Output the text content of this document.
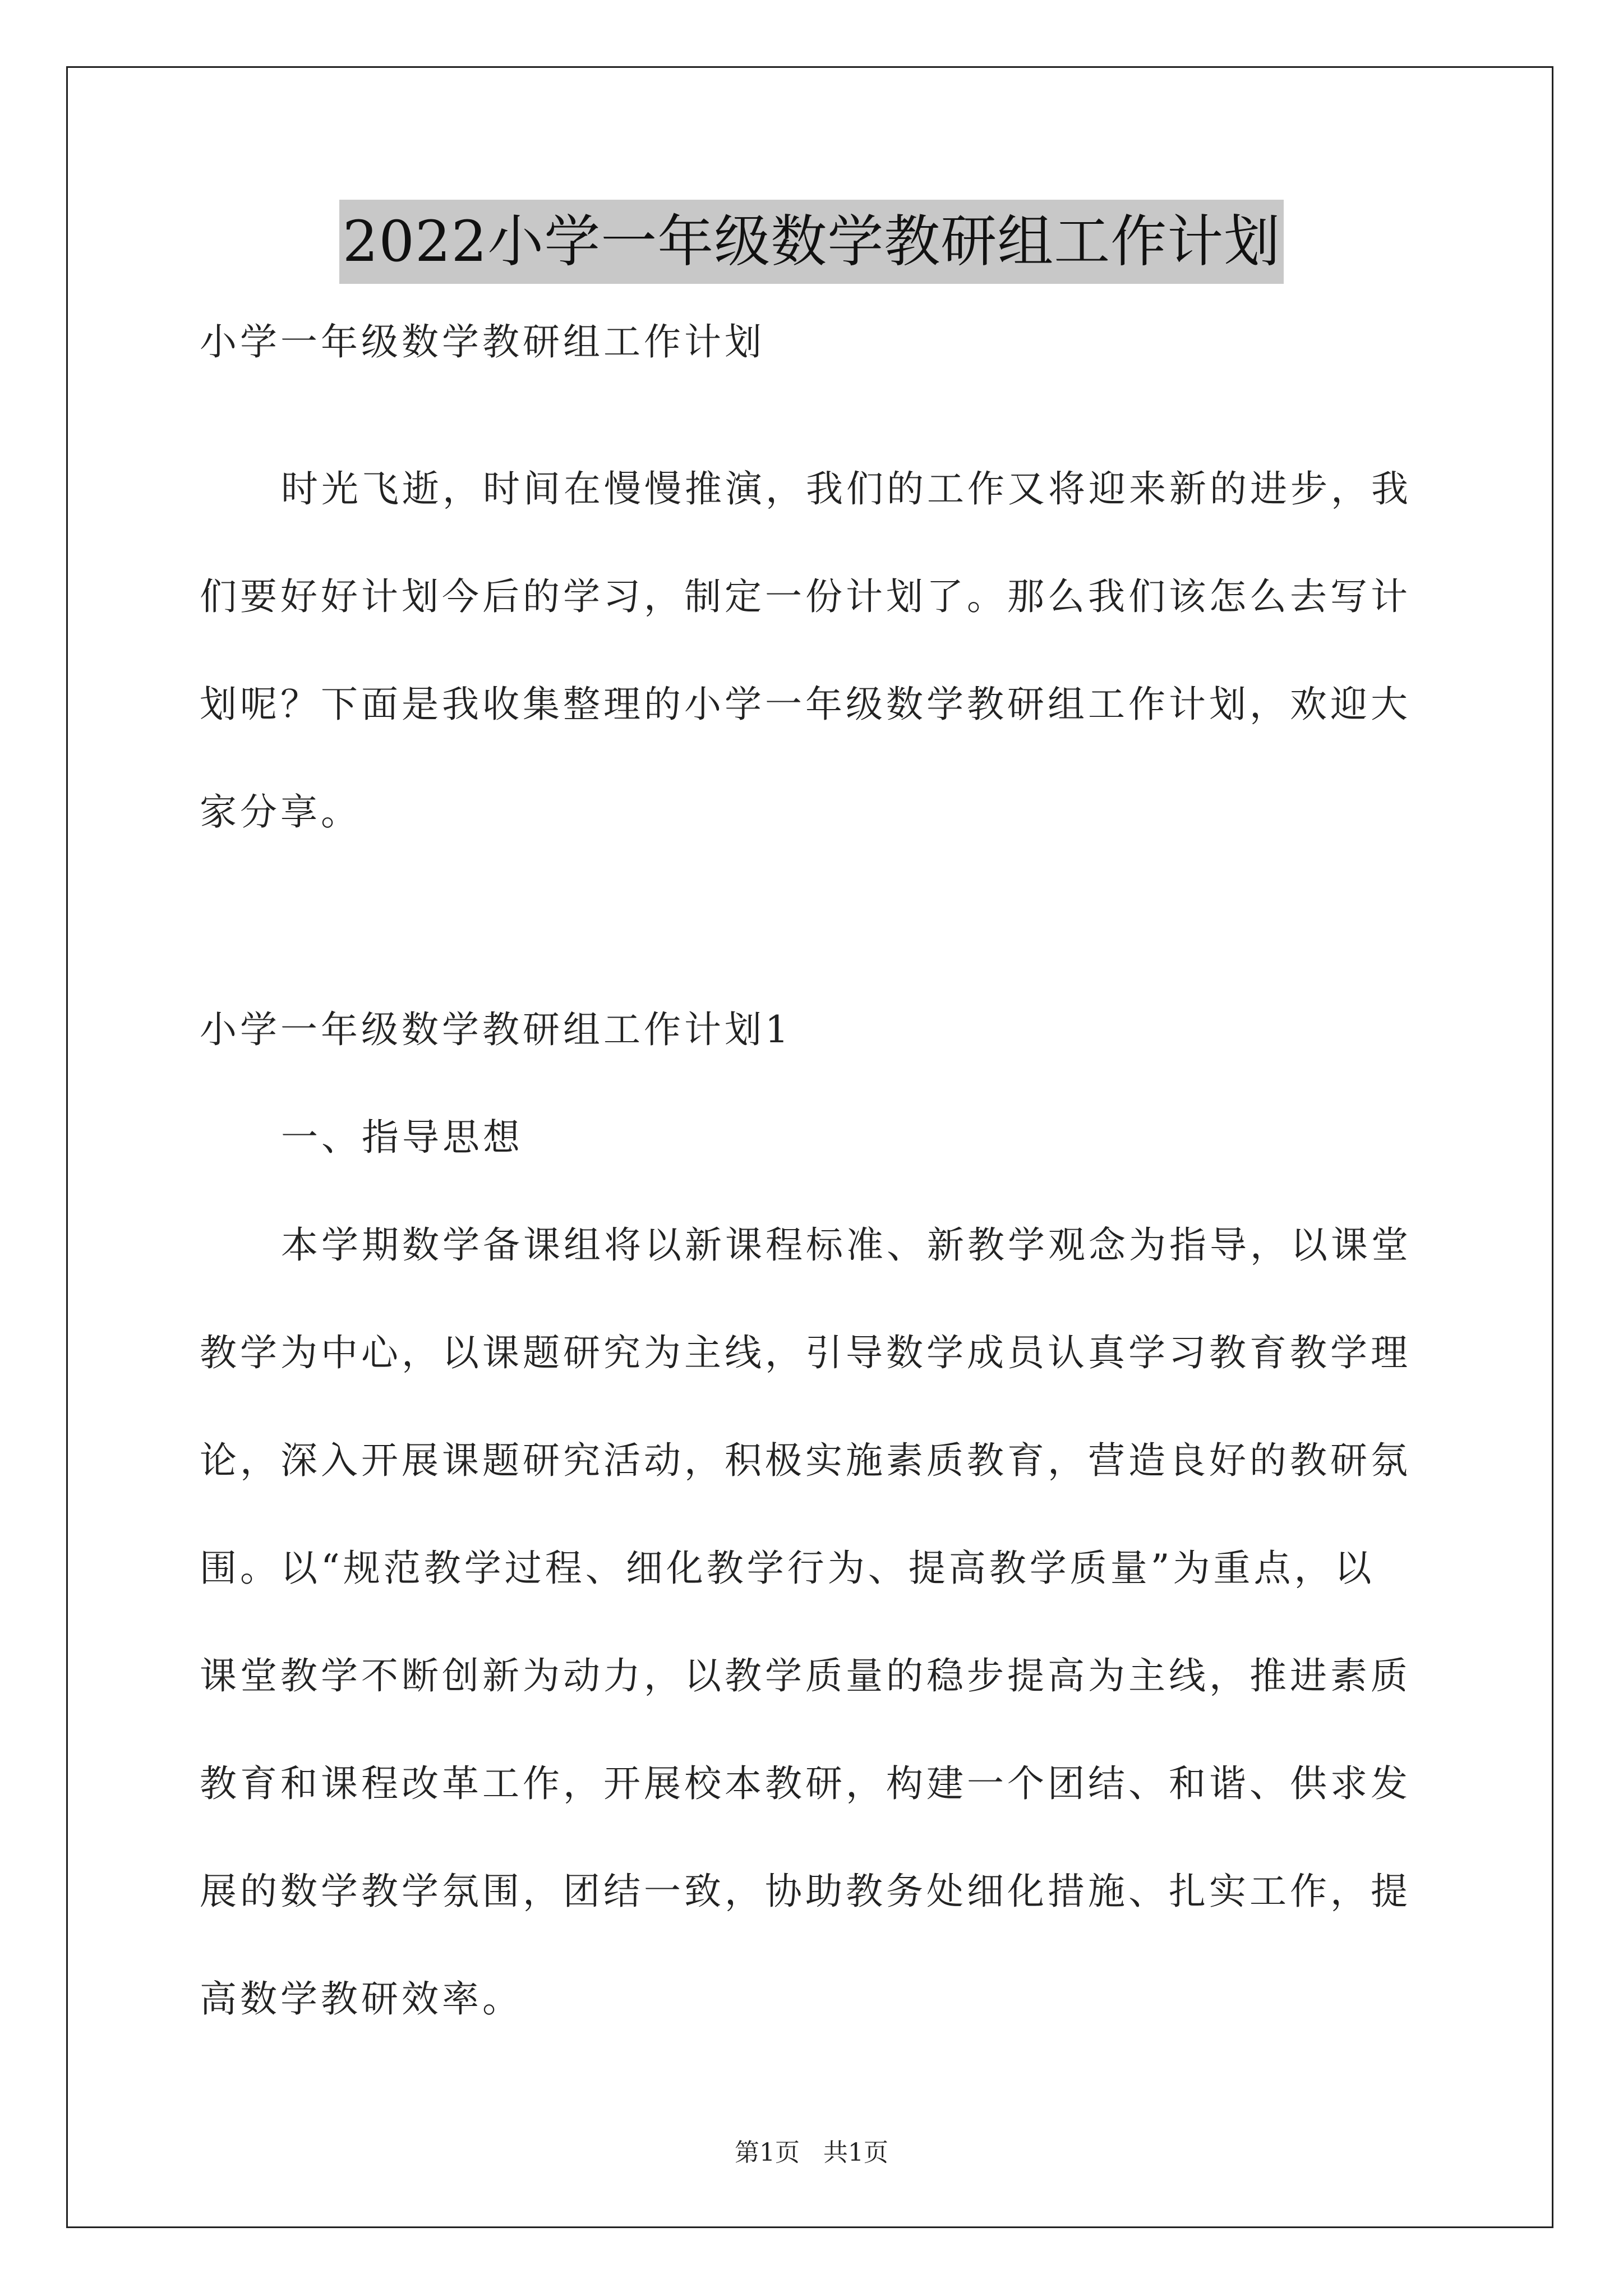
2022小学一年级数学教研组工作计划
小学一年级数学教研组工作计划
时光飞逝，时间在慢慢推演，我们的工作又将迎来新的进步，我
们要好好计划今后的学习，制定一份计划了。那么我们该怎么去写计
划呢？下面是我收集整理的小学一年级数学教研组工作计划，欢迎大
家分享。
小学一年级数学教研组工作计划1
一、指导思想
本学期数学备课组将以新课程标准、新教学观念为指导，以课堂
教学为中心，以课题研究为主线，引导数学成员认真学习教育教学理
论，深入开展课题研究活动，积极实施素质教育，营造良好的教研氛
围。以“规范教学过程、细化教学行为、提高教学质量”为重点，以
课堂教学不断创新为动力，以教学质量的稳步提高为主线，推进素质
教育和课程改革工作，开展校本教研，构建一个团结、和谐、供求发
展的数学教学氛围，团结一致，协助教务处细化措施、扎实工作，提
高数学教研效率。
第1页 共1页
